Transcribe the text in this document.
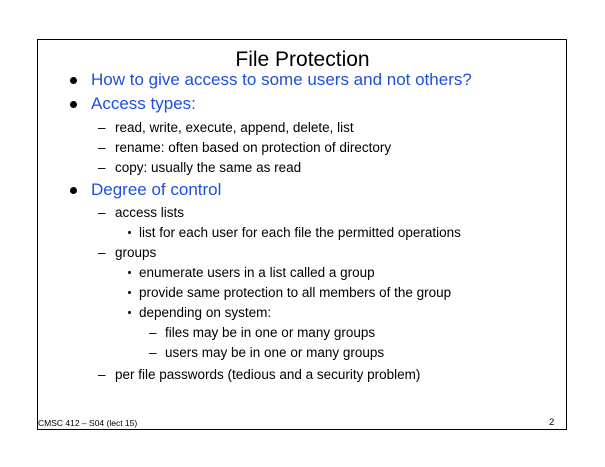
File Protection
How to give access to some users and not others?
Access types:
– read, write, execute, append, delete, list
– rename: often based on protection of directory
– copy: usually the same as read
Degree of control
– access lists
list for each user for each file the permitted operations
– groups
enumerate users in a list called a group
provide same protection to all members of the group
depending on system:
– files may be in one or many groups
– users may be in one or many groups
– per file passwords (tedious and a security problem)
CMSC 412 – S04 (lect 15)	2
